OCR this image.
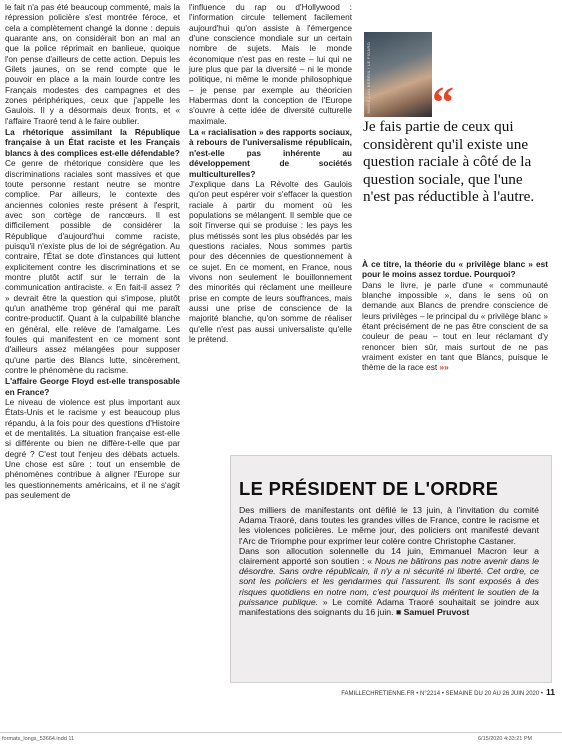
le fait n'a pas été beaucoup commenté, mais la répression policière s'est montrée féroce, et cela a complètement changé la donne : depuis quarante ans, on considérait bon an mal an que la police réprimait en banlieue, quoique l'on pense d'ailleurs de cette action. Depuis les Gilets jaunes, on se rend compte que le pouvoir en place a la main lourde contre les Français modestes des campagnes et des zones périphériques, ceux que j'appelle les Gaulois. Il y a désormais deux fronts, et « l'affaire Traoré tend à le faire oublier.

La rhétorique assimilant la République française à un État raciste et les Français blancs à des complices est-elle défendable?

Ce genre de rhétorique considère que les discriminations raciales sont massives et que toute personne restant neutre se montre complice. Par ailleurs, le contexte des anciennes colonies reste présent à l'esprit, avec son cortège de rancœurs. Il est difficilement possible de considérer la République d'aujourd'hui comme raciste, puisqu'il n'existe plus de loi de ségrégation. Au contraire, l'État se dote d'instances qui luttent explicitement contre les discriminations et se montre plutôt actif sur le terrain de la communication antiraciste. « En fait-il assez ? » devrait être la question qui s'impose, plutôt qu'un anathème trop général qui me paraît contre-productif. Quant à la culpabilité blanche en général, elle relève de l'amalgame. Les foules qui manifestent en ce moment sont d'ailleurs assez mélangées pour supposer qu'une partie des Blancs lutte, sincèrement, contre le phénomène du racisme.

L'affaire George Floyd est-elle transposable en France?

Le niveau de violence est plus important aux États-Unis et le racisme y est beaucoup plus répandu, à la fois pour des questions d'Histoire et de mentalités. La situation française est-elle si différente ou bien ne diffère-t-elle que par degré ? C'est tout l'enjeu des débats actuels. Une chose est sûre : tout un ensemble de phénomènes contribue à aligner l'Europe sur les questionnements américains, et il ne s'agit pas seulement de

l'influence du rap ou d'Hollywood : l'information circule tellement facilement aujourd'hui qu'on assiste à l'émergence d'une conscience mondiale sur un certain nombre de sujets. Mais le monde économique n'est pas en reste – lui qui ne jure plus que par la diversité – ni le monde politique, ni même le monde philosophique – je pense par exemple au théoricien Habermas dont la conception de l'Europe s'ouvre à cette idée de diversité culturelle maximale.

La « racialisation » des rapports sociaux, à rebours de l'universalisme républicain, n'est-elle pas inhérente au développement de sociétés multiculturelles?

J'explique dans La Révolte des Gaulois qu'on peut espérer voir s'effacer la question raciale à partir du moment où les populations se mélangent. Il semble que ce soit l'inverse qui se produise : les pays les plus métissés sont les plus obsédés par les questions raciales. Nous sommes partis pour des décennies de questionnement à ce sujet. En ce moment, en France, nous vivons non seulement le bouillonnement des minorités qui réclament une meilleure prise en compte de leurs souffrances, mais aussi une prise de conscience de la majorité blanche, qu'on somme de réaliser qu'elle n'est pas aussi universaliste qu'elle le prétend.

MARIE-LOU BERRIN / LE FIGARO “
Je fais partie de ceux qui considèrent qu'il existe une question raciale à côté de la question sociale, que l'une n'est pas réductible à l'autre.

À ce titre, la théorie du « privilège blanc » est pour le moins assez tordue. Pourquoi?

Dans le livre, je parle d'une « communauté blanche impossible », dans le sens où on demande aux Blancs de prendre conscience de leurs privilèges – le principal du « privilège blanc » étant précisément de ne pas être conscient de sa couleur de peau – tout en leur réclamant d'y renoncer bien sûr, mais surtout de ne pas vraiment exister en tant que Blancs, puisque le thème de la race est »»

LE PRÉSIDENT DE L'ORDRE

Des milliers de manifestants ont défilé le 13 juin, à l'invitation du comité Adama Traoré, dans toutes les grandes villes de France, contre le racisme et les violences policières. Le même jour, des policiers ont manifesté devant l'Arc de Triomphe pour exprimer leur colère contre Christophe Castaner.

Dans son allocution solennelle du 14 juin, Emmanuel Macron leur a clairement apporté son soutien : « Nous ne bâtirons pas notre avenir dans le désordre. Sans ordre républicain, il n'y a ni sécurité ni liberté. Cet ordre, ce sont les policiers et les gendarmes qui l'assurent. Ils sont exposés à des risques quotidiens en notre nom, c'est pourquoi ils méritent le soutien de la puissance publique. » Le comité Adama Traoré souhaitait se joindre aux manifestations des soignants du 16 juin. ■ Samuel Pruvost

FAMILLECHRETIENNE.FR • N°2214 • SEMAINE DU 20 AU 26 JUIN 2020 • 11
formats_longs_53664.indd 11	6/15/2020 4:33:21 PM
